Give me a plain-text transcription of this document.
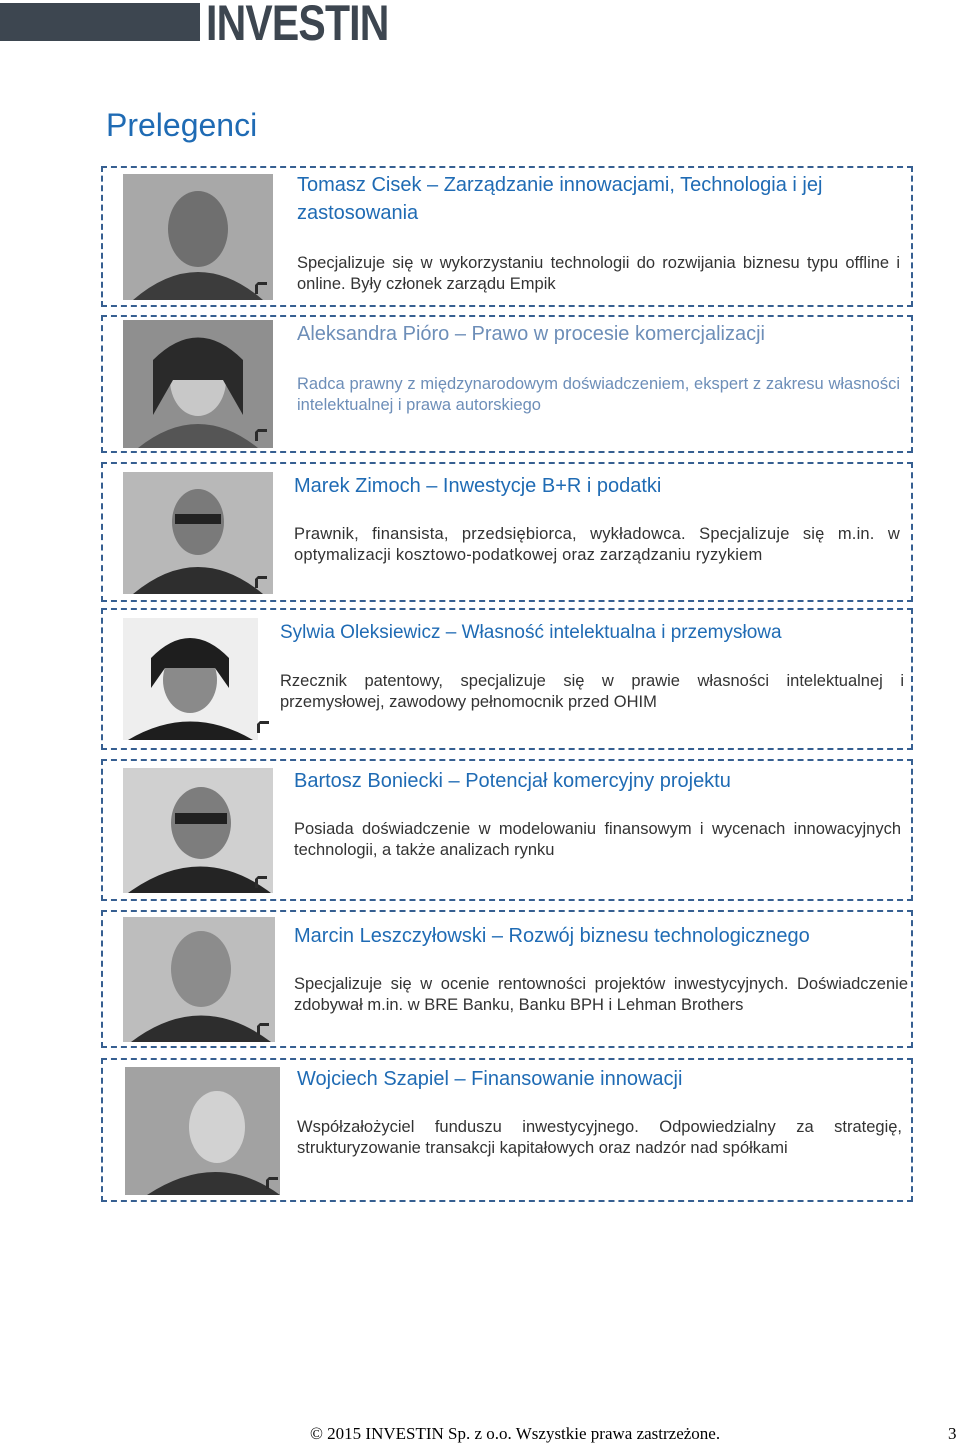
INVESTIN
Prelegenci
Tomasz Cisek – Zarządzanie innowacjami, Technologia i jej zastosowania

Specjalizuje się w wykorzystaniu technologii do rozwijania biznesu typu offline i online. Były członek zarządu Empik

Aleksandra Pióro – Prawo w procesie komercjalizacji

Radca prawny z międzynarodowym doświadczeniem, ekspert z zakresu własności intelektualnej i prawa autorskiego

Marek Zimoch – Inwestycje B+R i podatki

Prawnik, finansista, przedsiębiorca, wykładowca. Specjalizuje się m.in. w optymalizacji kosztowo-podatkowej oraz zarządzaniu ryzykiem

Sylwia Oleksiewicz – Własność intelektualna i przemysłowa

Rzecznik patentowy, specjalizuje się w prawie własności intelektualnej i przemysłowej, zawodowy pełnomocnik przed OHIM

Bartosz Boniecki – Potencjał komercyjny projektu

Posiada doświadczenie w modelowaniu finansowym i wycenach innowacyjnych technologii, a także analizach rynku

Marcin Leszczyłowski – Rozwój biznesu technologicznego

Specjalizuje się w ocenie rentowności projektów inwestycyjnych. Doświadczenie zdobywał m.in. w BRE Banku, Banku BPH i Lehman Brothers

Wojciech Szapiel – Finansowanie innowacji

Współzałożyciel funduszu inwestycyjnego. Odpowiedzialny za strategię, strukturyzowanie transakcji kapitałowych oraz nadzór nad spółkami

© 2015 INVESTIN Sp. z o.o. Wszystkie prawa zastrzeżone.	3
